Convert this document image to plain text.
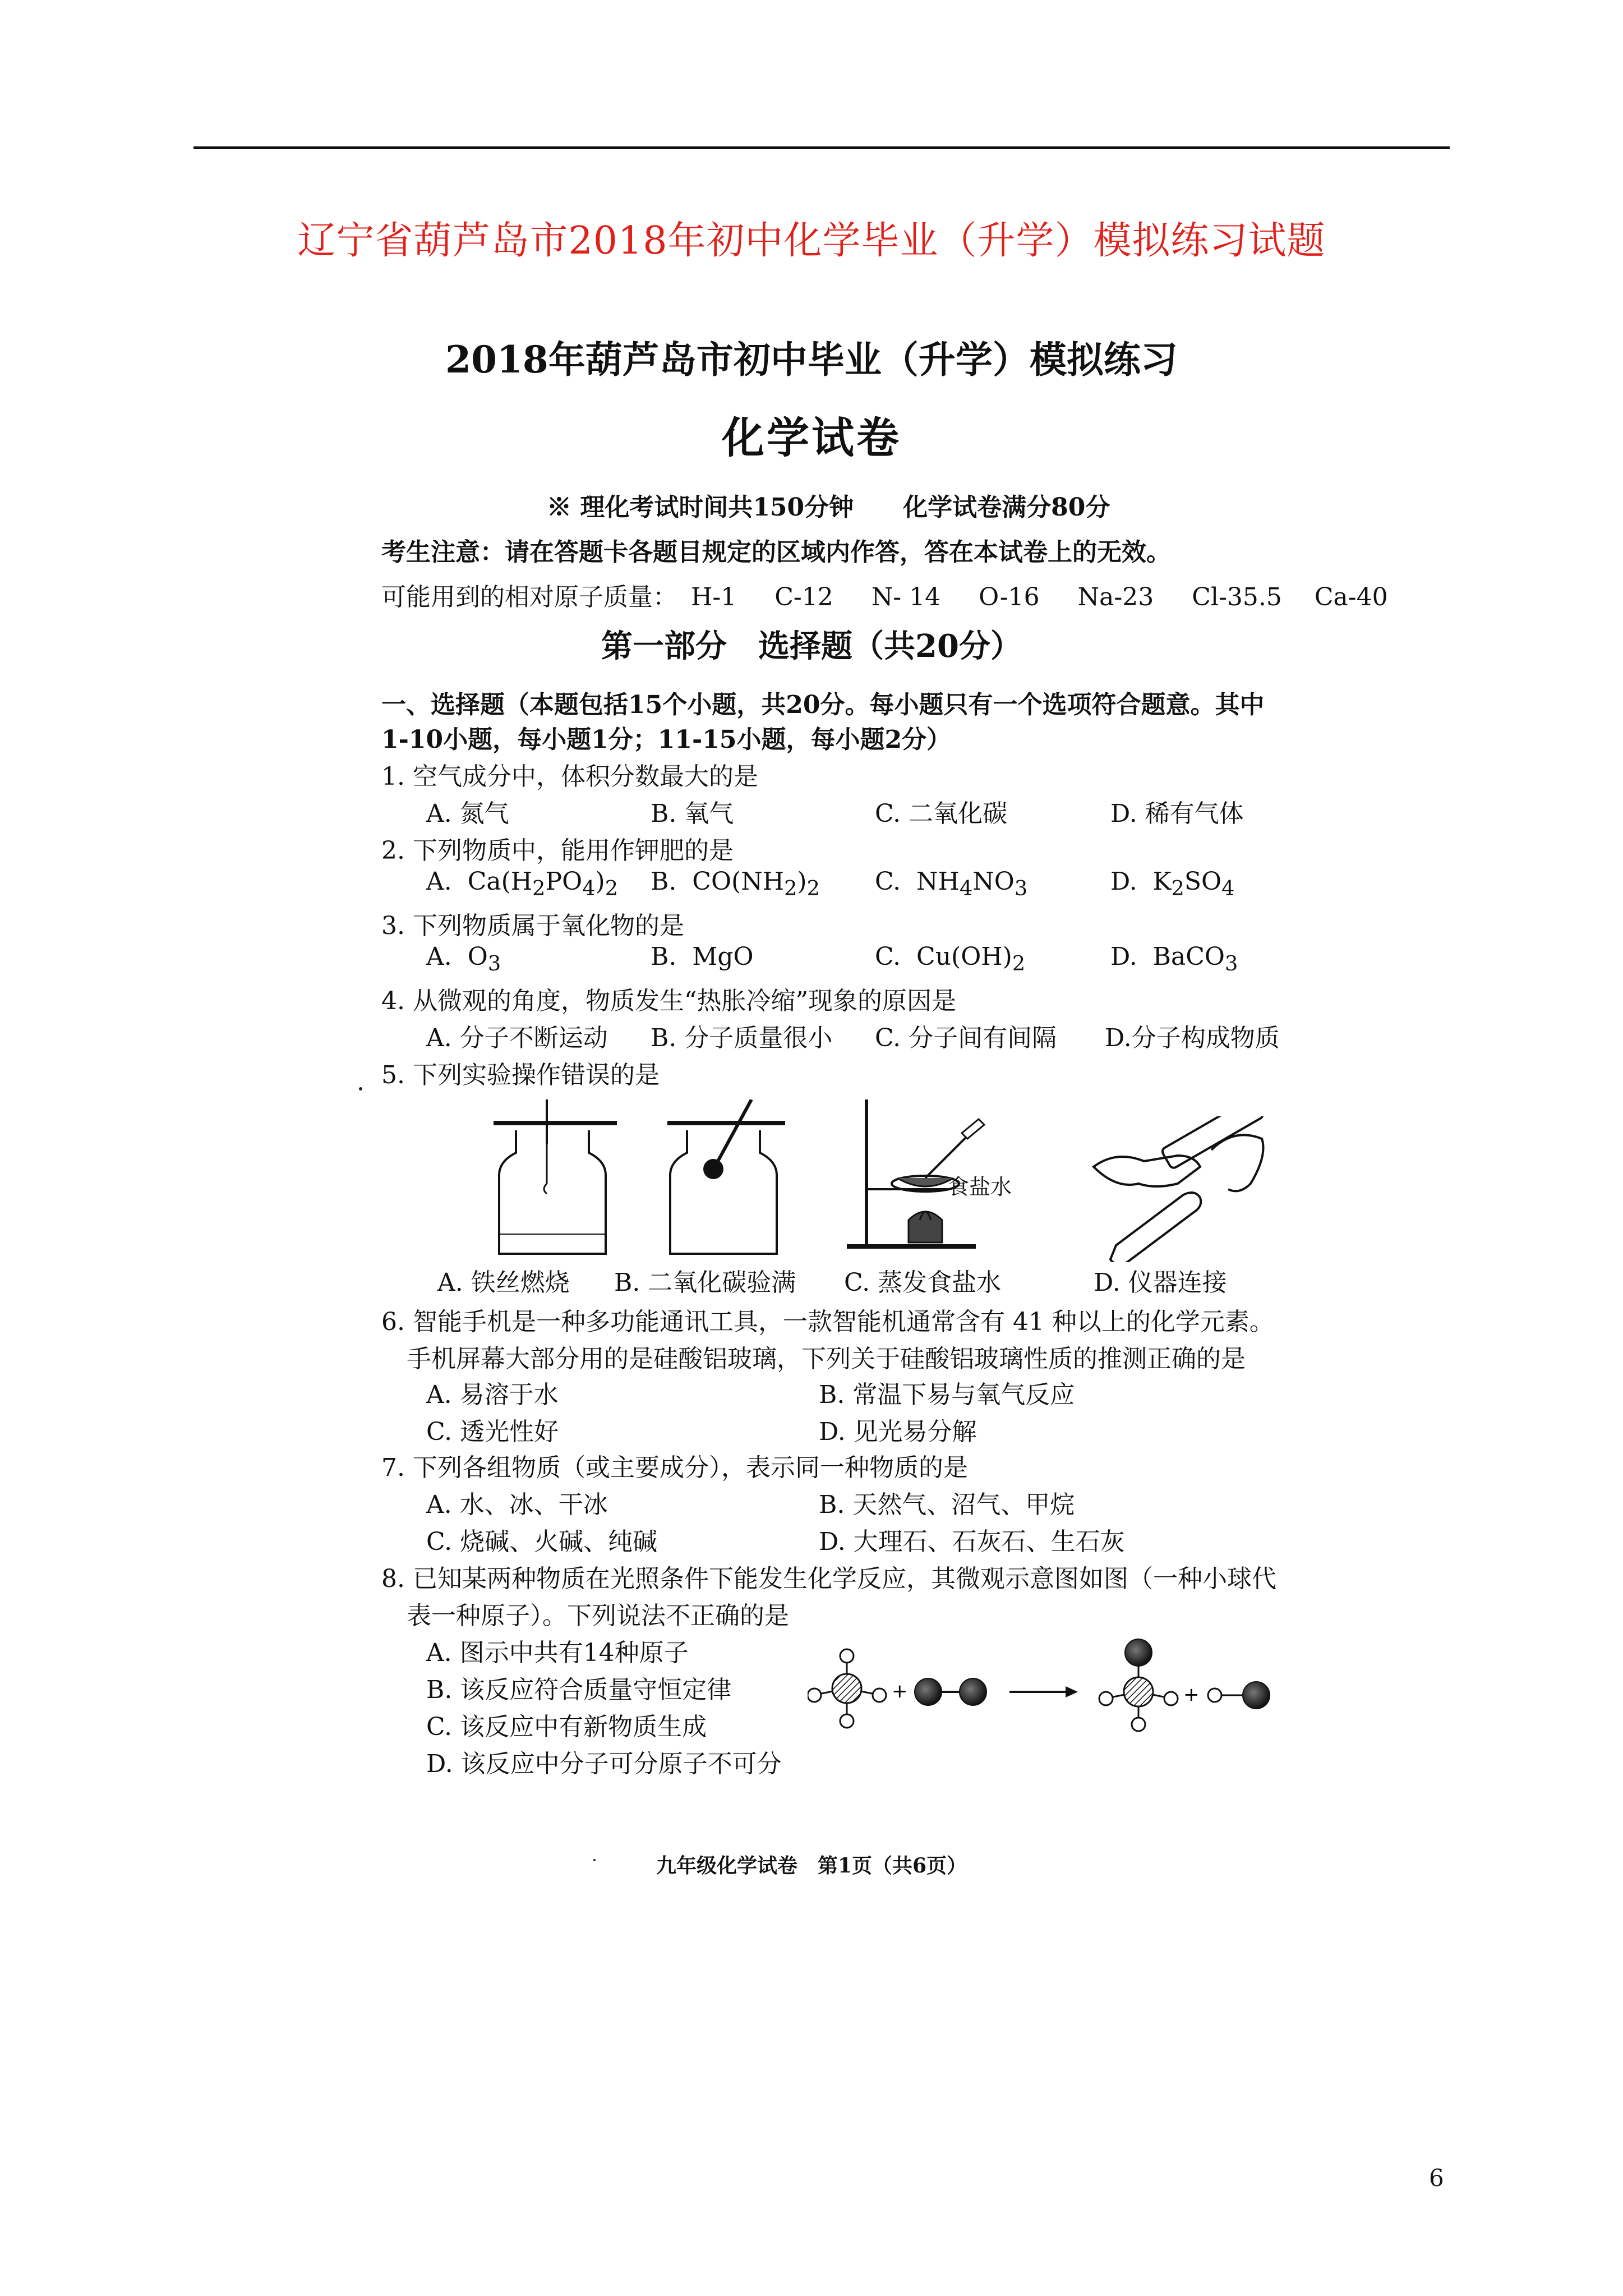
辽宁省葫芦岛市2018年初中化学毕业（升学）模拟练习试题
2018年葫芦岛市初中毕业（升学）模拟练习
化学试卷
※ 理化考试时间共150分钟　　化学试卷满分80分
考生注意：请在答题卡各题目规定的区域内作答，答在本试卷上的无效。
可能用到的相对原子质量： H-1 C-12 N- 14 O-16 Na-23 Cl-35.5 Ca-40
第一部分　选择题（共20分）
一、选择题（本题包括15个小题，共20分。每小题只有一个选项符合题意。其中
1-10小题，每小题1分；11-15小题，每小题2分）
1. 空气成分中，体积分数最大的是
A. 氮气	B. 氧气	C. 二氧化碳	D. 稀有气体
2. 下列物质中，能用作钾肥的是
A.  $Ca(H_2PO_4)_2$ B.  $CO(NH_2)_2$ C.  $NH_4NO_3$	D.  $K_2SO_4$
3. 下列物质属于氧化物的是
A.  $O_3$	B.  MgO	C.  $Cu(OH)_2$	D.  BaCO$_3$
4. 从微观的角度，物质发生“热胀冷缩”现象的原因是
A. 分子不断运动 B. 分子质量很小 C. 分子间有间隔 D.分子构成物质
5. 下列实验操作错误的是
食盐水
A. 铁丝燃烧 B. 二氧化碳验满 C. 蒸发食盐水	D. 仪器连接
6. 智能手机是一种多功能通讯工具，一款智能机通常含有 41 种以上的化学元素。
手机屏幕大部分用的是硅酸铝玻璃，下列关于硅酸铝玻璃性质的推测正确的是
A. 易溶于水	B. 常温下易与氧气反应
C. 透光性好	D. 见光易分解
7. 下列各组物质（或主要成分），表示同一种物质的是
A. 水、冰、干冰	B. 天然气、沼气、甲烷
C. 烧碱、火碱、纯碱	D. 大理石、石灰石、生石灰
8. 已知某两种物质在光照条件下能发生化学反应，其微观示意图如图（一种小球代
表一种原子）。下列说法不正确的是
A. 图示中共有14种原子
B. 该反应符合质量守恒定律
C. 该反应中有新物质生成
D. 该反应中分子可分原子不可分
+	+
九年级化学试卷　第1页（共6页）
6
